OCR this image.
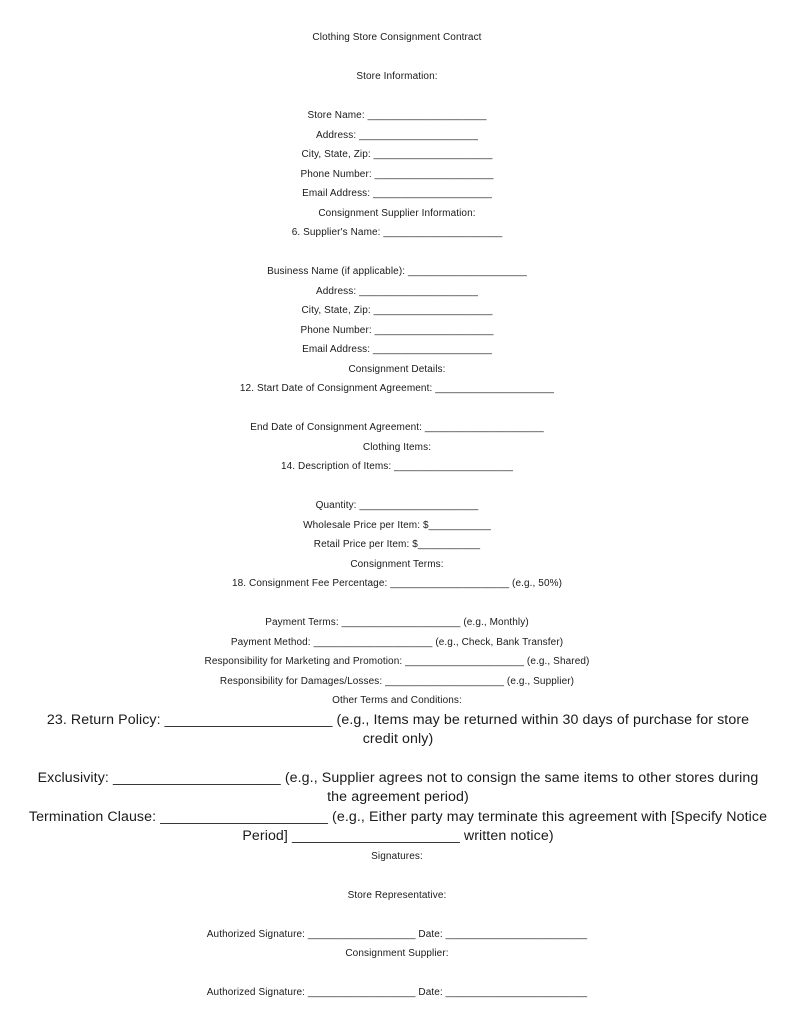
Clothing Store Consignment Contract
Store Information:
Store Name: _____________________
Address: _____________________
City, State, Zip: _____________________
Phone Number: _____________________
Email Address: _____________________
Consignment Supplier Information:
6. Supplier's Name: _____________________
Business Name (if applicable): _____________________
Address: _____________________
City, State, Zip: _____________________
Phone Number: _____________________
Email Address: _____________________
Consignment Details:
12. Start Date of Consignment Agreement: _____________________
End Date of Consignment Agreement: _____________________
Clothing Items:
14. Description of Items: _____________________
Quantity: _____________________
Wholesale Price per Item: $___________
Retail Price per Item: $___________
Consignment Terms:
18. Consignment Fee Percentage: _____________________ (e.g., 50%)
Payment Terms: _____________________ (e.g., Monthly)
Payment Method: _____________________ (e.g., Check, Bank Transfer)
Responsibility for Marketing and Promotion: _____________________ (e.g., Shared)
Responsibility for Damages/Losses: _____________________ (e.g., Supplier)
Other Terms and Conditions:
23. Return Policy: _____________________ (e.g., Items may be returned within 30 days of purchase for store credit only)
Exclusivity: _____________________ (e.g., Supplier agrees not to consign the same items to other stores during the agreement period)
Termination Clause: _____________________ (e.g., Either party may terminate this agreement with [Specify Notice Period] _____________________ written notice)
Signatures:
Store Representative:
Authorized Signature: ___________________ Date: _________________________
Consignment Supplier:
Authorized Signature: ___________________ Date: _________________________
